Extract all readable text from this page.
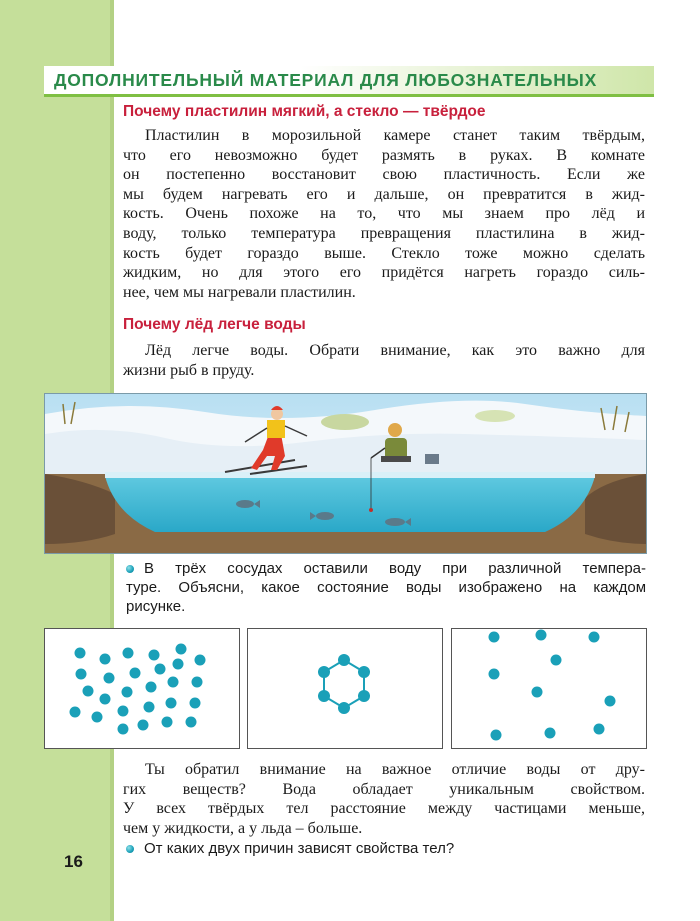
ДОПОЛНИТЕЛЬНЫЙ МАТЕРИАЛ ДЛЯ ЛЮБОЗНАТЕЛЬНЫХ
Почему пластилин мягкий, а стекло — твёрдое
Пластилин в морозильной камере станет таким твёрдым,
что его невозможно будет размять в руках. В комнате
он постепенно восстановит свою пластичность. Если же
мы будем нагревать его и дальше, он превратится в жид-
кость. Очень похоже на то, что мы знаем про лёд и
воду, только температура превращения пластилина в жид-
кость будет гораздо выше. Стекло тоже можно сделать
жидким, но для этого его придётся нагреть гораздо силь-
нее, чем мы нагревали пластилин.
Почему лёд легче воды
Лёд легче воды. Обрати внимание, как это важно для
жизни рыб в пруду.
В трёх сосудах оставили воду при различной темпера-
туре. Объясни, какое состояние воды изображено на каждом
рисунке.
Ты обратил внимание на важное отличие воды от дру-
гих веществ? Вода обладает уникальным свойством.
У всех твёрдых тел расстояние между частицами меньше,
чем у жидкости, а у льда – больше.
От каких двух причин зависят свойства тел?
16
